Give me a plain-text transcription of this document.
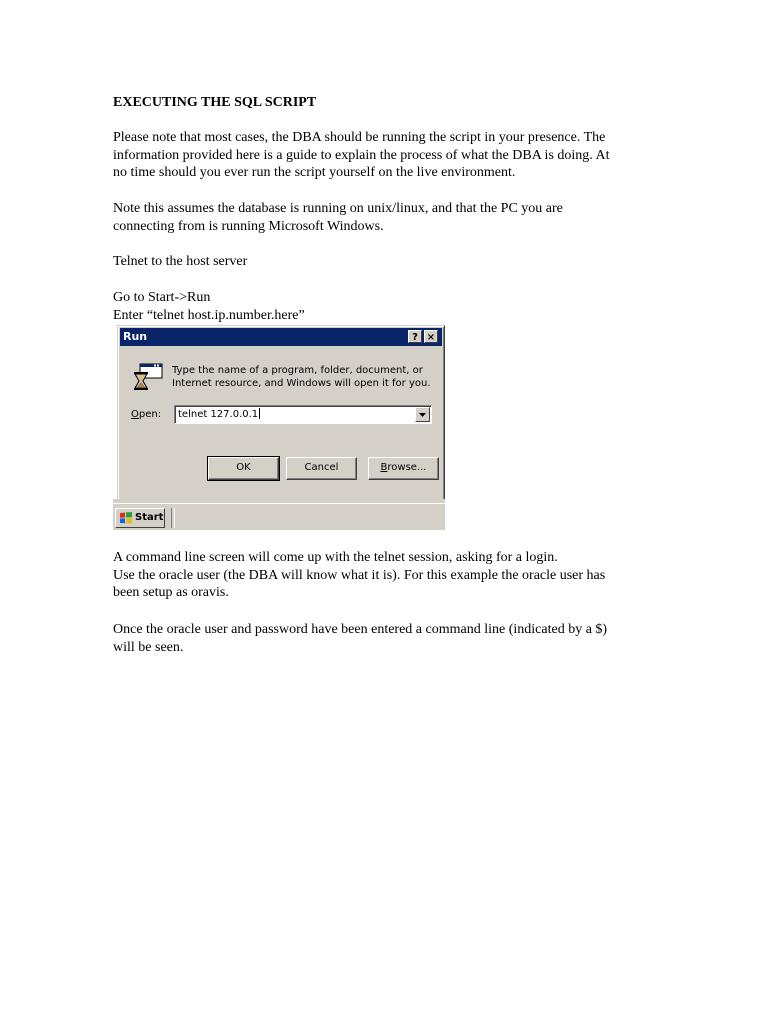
EXECUTING THE SQL SCRIPT

Please note that most cases, the DBA should be running the script in your presence. The
information provided here is a guide to explain the process of what the DBA is doing. At
no time should you ever run the script yourself on the live environment.

Note this assumes the database is running on unix/linux, and that the PC you are
connecting from is running Microsoft Windows.

Telnet to the host server

Go to Start->Run
Enter “telnet host.ip.number.here”

Run	? ×
Type the name of a program, folder, document, or
Internet resource, and Windows will open it for you.
Open: telnet 127.0.0.1
OK	Cancel	Browse...
Start

A command line screen will come up with the telnet session, asking for a login.
Use the oracle user (the DBA will know what it is). For this example the oracle user has
been setup as oravis.

Once the oracle user and password have been entered a command line (indicated by a $)
will be seen.
